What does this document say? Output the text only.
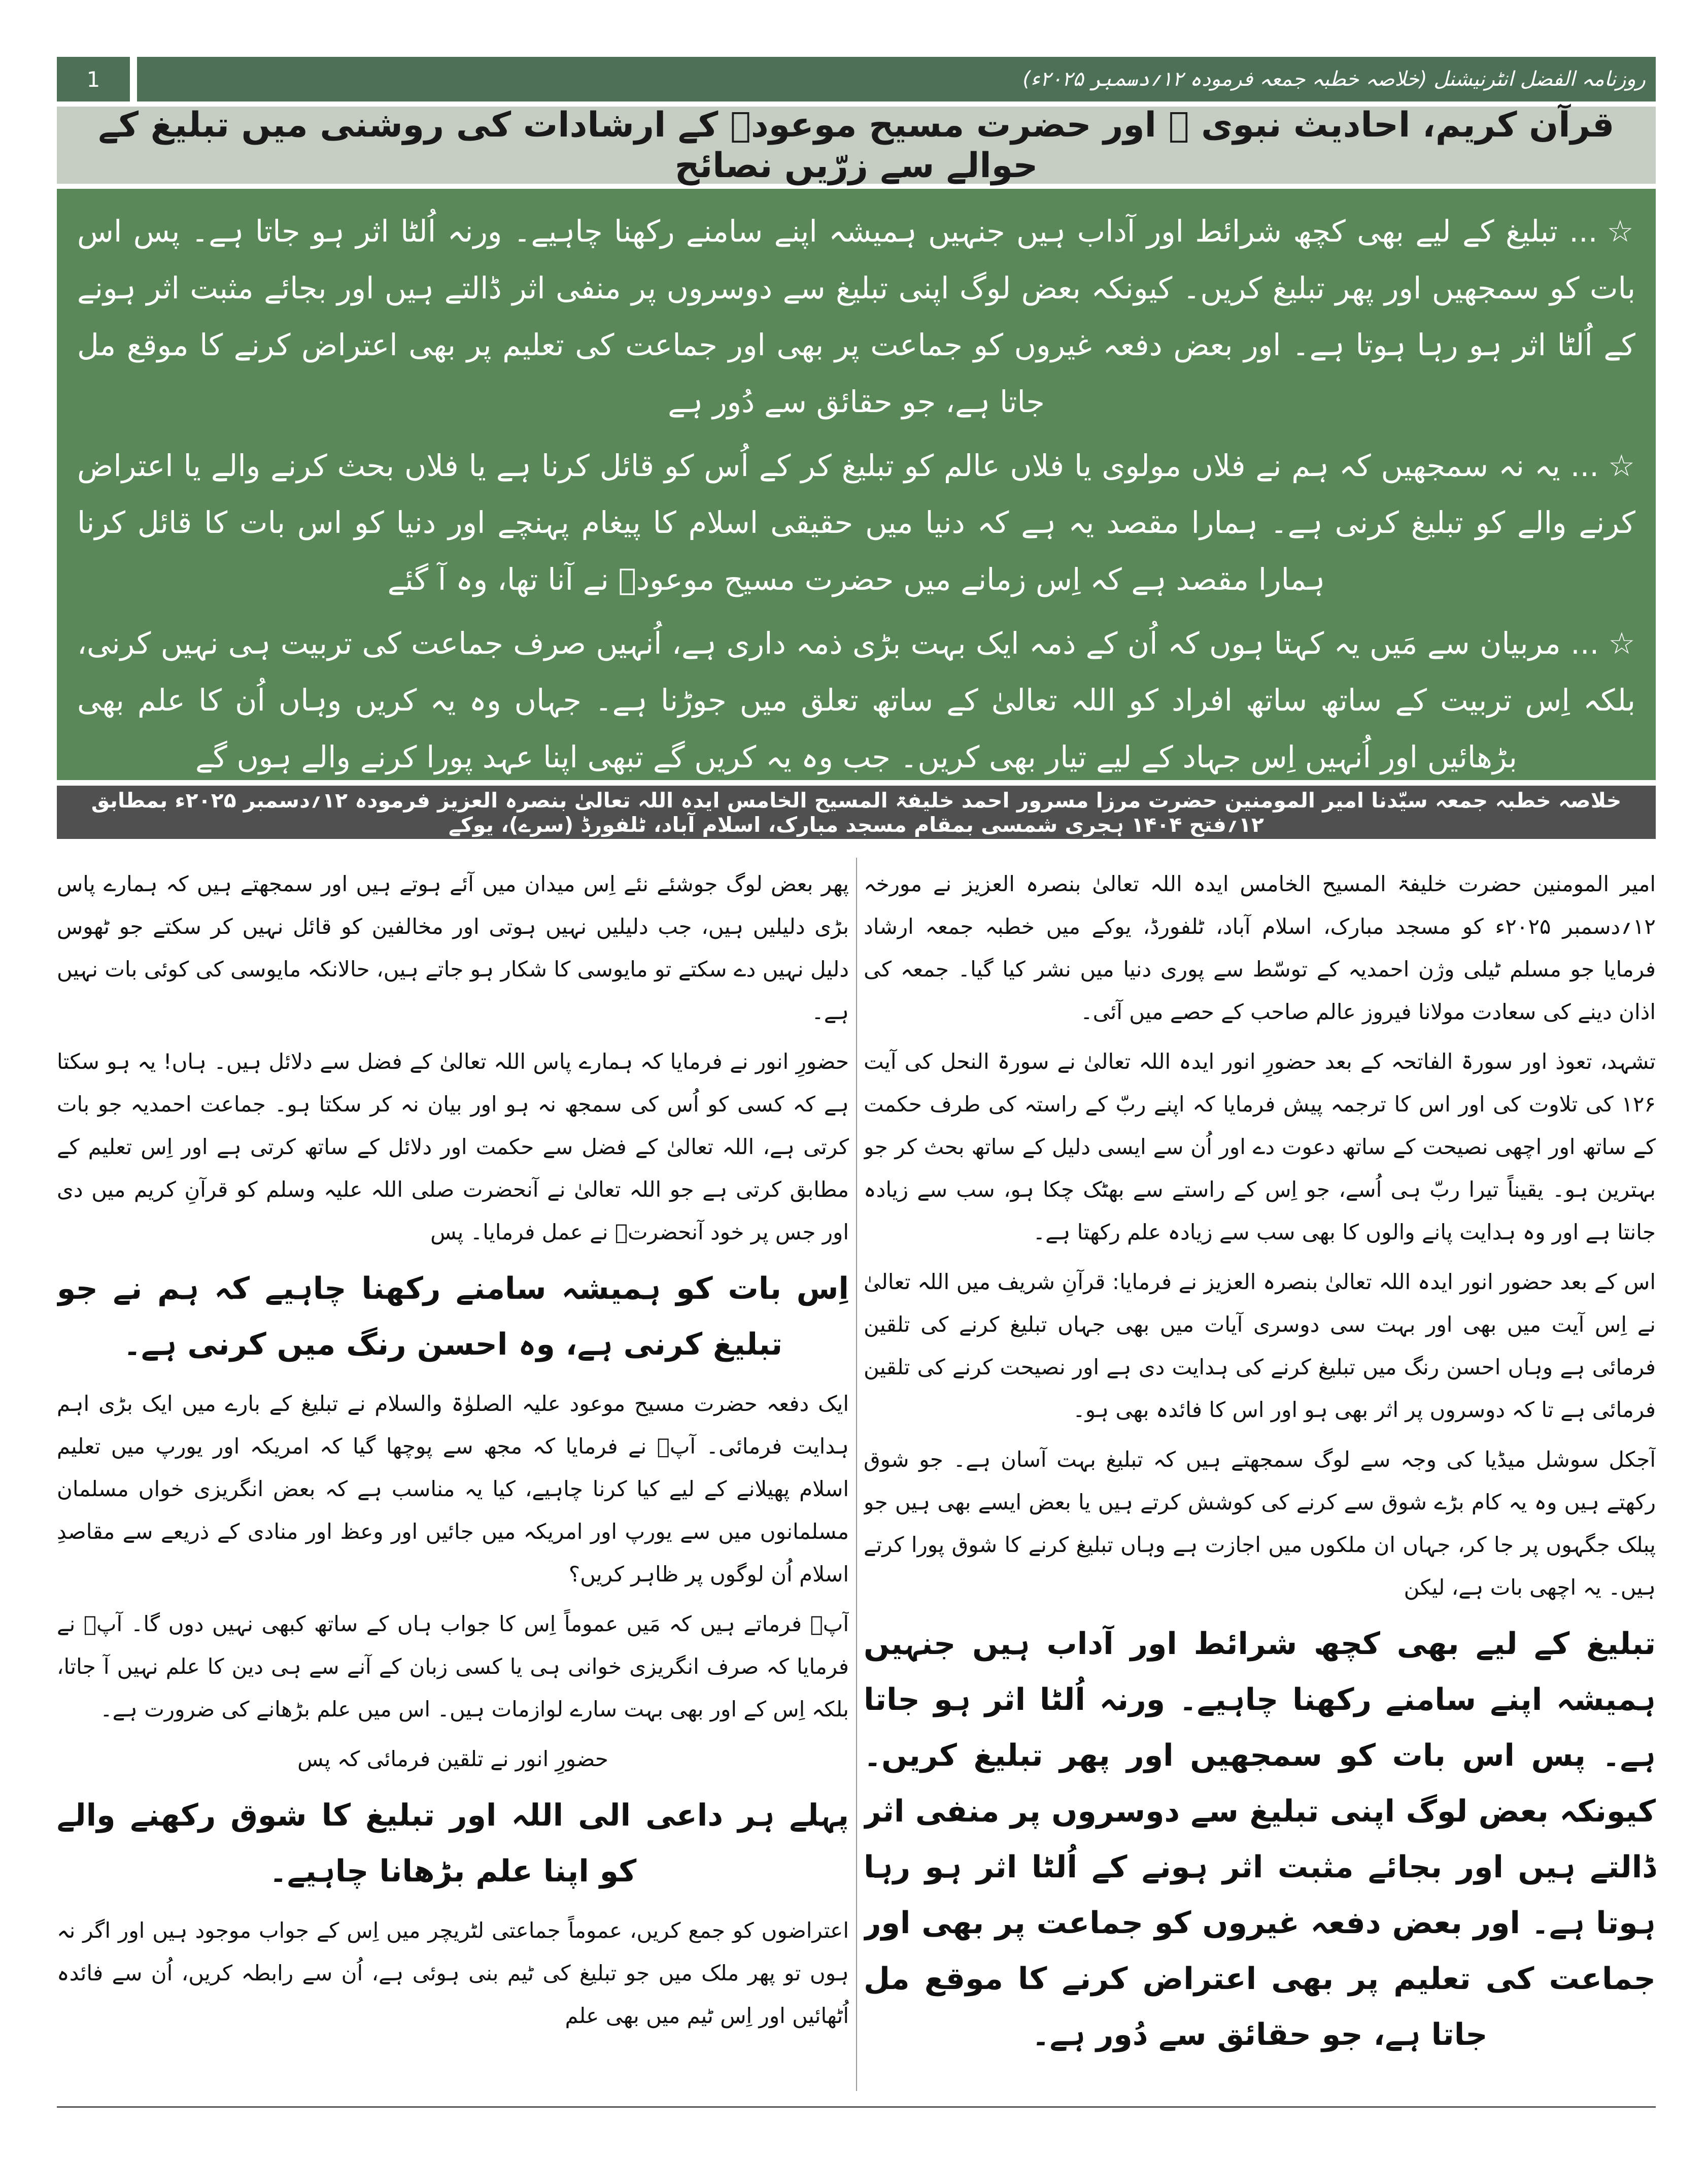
1	روزنامہ الفضل انٹرنیشنل (خلاصہ خطبہ جمعہ فرمودہ ۱۲؍دسمبر ۲۰۲۵ء)
قرآن کریم، احادیث نبوی ﷺ اور حضرت مسیح موعودؑ کے ارشادات کی روشنی میں تبلیغ کے حوالے سے زرّیں نصائح

☆... تبلیغ کے لیے بھی کچھ شرائط اور آداب ہیں جنہیں ہمیشہ اپنے سامنے رکھنا چاہیے۔ ورنہ اُلٹا اثر ہو جاتا ہے۔ پس اس بات کو سمجھیں اور پھر تبلیغ کریں۔ کیونکہ بعض لوگ اپنی تبلیغ سے دوسروں پر منفی اثر ڈالتے ہیں اور بجائے مثبت اثر ہونے کے اُلٹا اثر ہو رہا ہوتا ہے۔ اور بعض دفعہ غیروں کو جماعت پر بھی اور جماعت کی تعلیم پر بھی اعتراض کرنے کا موقع مل جاتا ہے، جو حقائق سے دُور ہے

☆... یہ نہ سمجھیں کہ ہم نے فلاں مولوی یا فلاں عالم کو تبلیغ کر کے اُس کو قائل کرنا ہے یا فلاں بحث کرنے والے یا اعتراض کرنے والے کو تبلیغ کرنی ہے۔ ہمارا مقصد یہ ہے کہ دنیا میں حقیقی اسلام کا پیغام پہنچے اور دنیا کو اس بات کا قائل کرنا ہمارا مقصد ہے کہ اِس زمانے میں حضرت مسیح موعودؑ نے آنا تھا، وہ آ گئے

☆... مربیان سے مَیں یہ کہتا ہوں کہ اُن کے ذمہ ایک بہت بڑی ذمہ داری ہے، اُنہیں صرف جماعت کی تربیت ہی نہیں کرنی، بلکہ اِس تربیت کے ساتھ ساتھ افراد کو اللہ تعالیٰ کے ساتھ تعلق میں جوڑنا ہے۔ جہاں وہ یہ کریں وہاں اُن کا علم بھی بڑھائیں اور اُنہیں اِس جہاد کے لیے تیار بھی کریں۔ جب وہ یہ کریں گے تبھی اپنا عہد پورا کرنے والے ہوں گے

خلاصہ خطبہ جمعہ سیّدنا امیر المومنین حضرت مرزا مسرور احمد خلیفۃ المسیح الخامس ایدہ اللہ تعالیٰ بنصرہ العزیز فرمودہ ۱۲؍دسمبر ۲۰۲۵ء بمطابق ۱۲؍فتح ۱۴۰۴ ہجری شمسی بمقام مسجد مبارک، اسلام آباد، ٹلفورڈ (سرے)، یوکے

امیر المومنین حضرت خلیفۃ المسیح الخامس ایدہ اللہ تعالیٰ بنصرہ العزیز نے مورخہ ۱۲؍دسمبر ۲۰۲۵ء کو مسجد مبارک، اسلام آباد، ٹلفورڈ، یوکے میں خطبہ جمعہ ارشاد فرمایا جو مسلم ٹیلی وژن احمدیہ کے توسّط سے پوری دنیا میں نشر کیا گیا۔ جمعہ کی اذان دینے کی سعادت مولانا فیروز عالم صاحب کے حصے میں آئی۔

تشہد، تعوذ اور سورۃ الفاتحہ کے بعد حضورِ انور ایدہ اللہ تعالیٰ نے سورۃ النحل کی آیت ۱۲۶ کی تلاوت کی اور اس کا ترجمہ پیش فرمایا کہ اپنے ربّ کے راستہ کی طرف حکمت کے ساتھ اور اچھی نصیحت کے ساتھ دعوت دے اور اُن سے ایسی دلیل کے ساتھ بحث کر جو بہترین ہو۔ یقیناً تیرا ربّ ہی اُسے، جو اِس کے راستے سے بھٹک چکا ہو، سب سے زیادہ جانتا ہے اور وہ ہدایت پانے والوں کا بھی سب سے زیادہ علم رکھتا ہے۔

اس کے بعد حضور انور ایدہ اللہ تعالیٰ بنصرہ العزیز نے فرمایا: قرآنِ شریف میں اللہ تعالیٰ نے اِس آیت میں بھی اور بہت سی دوسری آیات میں بھی جہاں تبلیغ کرنے کی تلقین فرمائی ہے وہاں احسن رنگ میں تبلیغ کرنے کی ہدایت دی ہے اور نصیحت کرنے کی تلقین فرمائی ہے تا کہ دوسروں پر اثر بھی ہو اور اس کا فائدہ بھی ہو۔

آجکل سوشل میڈیا کی وجہ سے لوگ سمجھتے ہیں کہ تبلیغ بہت آسان ہے۔ جو شوق رکھتے ہیں وہ یہ کام بڑے شوق سے کرنے کی کوشش کرتے ہیں یا بعض ایسے بھی ہیں جو پبلک جگہوں پر جا کر، جہاں ان ملکوں میں اجازت ہے وہاں تبلیغ کرنے کا شوق پورا کرتے ہیں۔ یہ اچھی بات ہے، لیکن

تبلیغ کے لیے بھی کچھ شرائط اور آداب ہیں جنہیں ہمیشہ اپنے سامنے رکھنا چاہیے۔ ورنہ اُلٹا اثر ہو جاتا ہے۔ پس اس بات کو سمجھیں اور پھر تبلیغ کریں۔ کیونکہ بعض لوگ اپنی تبلیغ سے دوسروں پر منفی اثر ڈالتے ہیں اور بجائے مثبت اثر ہونے کے اُلٹا اثر ہو رہا ہوتا ہے۔ اور بعض دفعہ غیروں کو جماعت پر بھی اور جماعت کی تعلیم پر بھی اعتراض کرنے کا موقع مل جاتا ہے، جو حقائق سے دُور ہے۔

پھر بعض لوگ جوشئے نئے اِس میدان میں آئے ہوتے ہیں اور سمجھتے ہیں کہ ہمارے پاس بڑی دلیلیں ہیں، جب دلیلیں نہیں ہوتی اور مخالفین کو قائل نہیں کر سکتے جو ٹھوس دلیل نہیں دے سکتے تو مایوسی کا شکار ہو جاتے ہیں، حالانکہ مایوسی کی کوئی بات نہیں ہے۔

حضورِ انور نے فرمایا کہ ہمارے پاس اللہ تعالیٰ کے فضل سے دلائل ہیں۔ ہاں! یہ ہو سکتا ہے کہ کسی کو اُس کی سمجھ نہ ہو اور بیان نہ کر سکتا ہو۔ جماعت احمدیہ جو بات کرتی ہے، اللہ تعالیٰ کے فضل سے حکمت اور دلائل کے ساتھ کرتی ہے اور اِس تعلیم کے مطابق کرتی ہے جو اللہ تعالیٰ نے آنحضرت صلی اللہ علیہ وسلم کو قرآنِ کریم میں دی اور جس پر خود آنحضرتؐ نے عمل فرمایا۔ پس

اِس بات کو ہمیشہ سامنے رکھنا چاہیے کہ ہم نے جو تبلیغ کرنی ہے، وہ احسن رنگ میں کرنی ہے۔

ایک دفعہ حضرت مسیح موعود علیہ الصلوٰۃ والسلام نے تبلیغ کے بارے میں ایک بڑی اہم ہدایت فرمائی۔ آپؑ نے فرمایا کہ مجھ سے پوچھا گیا کہ امریکہ اور یورپ میں تعلیم اسلام پھیلانے کے لیے کیا کرنا چاہیے، کیا یہ مناسب ہے کہ بعض انگریزی خواں مسلمان مسلمانوں میں سے یورپ اور امریکہ میں جائیں اور وعظ اور منادی کے ذریعے سے مقاصدِ اسلام اُن لوگوں پر ظاہر کریں؟

آپؑ فرماتے ہیں کہ مَیں عموماً اِس کا جواب ہاں کے ساتھ کبھی نہیں دوں گا۔ آپؑ نے فرمایا کہ صرف انگریزی خوانی ہی یا کسی زبان کے آنے سے ہی دین کا علم نہیں آ جاتا، بلکہ اِس کے اور بھی بہت سارے لوازمات ہیں۔ اس میں علم بڑھانے کی ضرورت ہے۔

حضورِ انور نے تلقین فرمائی کہ پس

پہلے ہر داعی الی اللہ اور تبلیغ کا شوق رکھنے والے کو اپنا علم بڑھانا چاہیے۔

اعتراضوں کو جمع کریں، عموماً جماعتی لٹریچر میں اِس کے جواب موجود ہیں اور اگر نہ ہوں تو پھر ملک میں جو تبلیغ کی ٹیم بنی ہوئی ہے، اُن سے رابطہ کریں، اُن سے فائدہ اُٹھائیں اور اِس ٹیم میں بھی علم
